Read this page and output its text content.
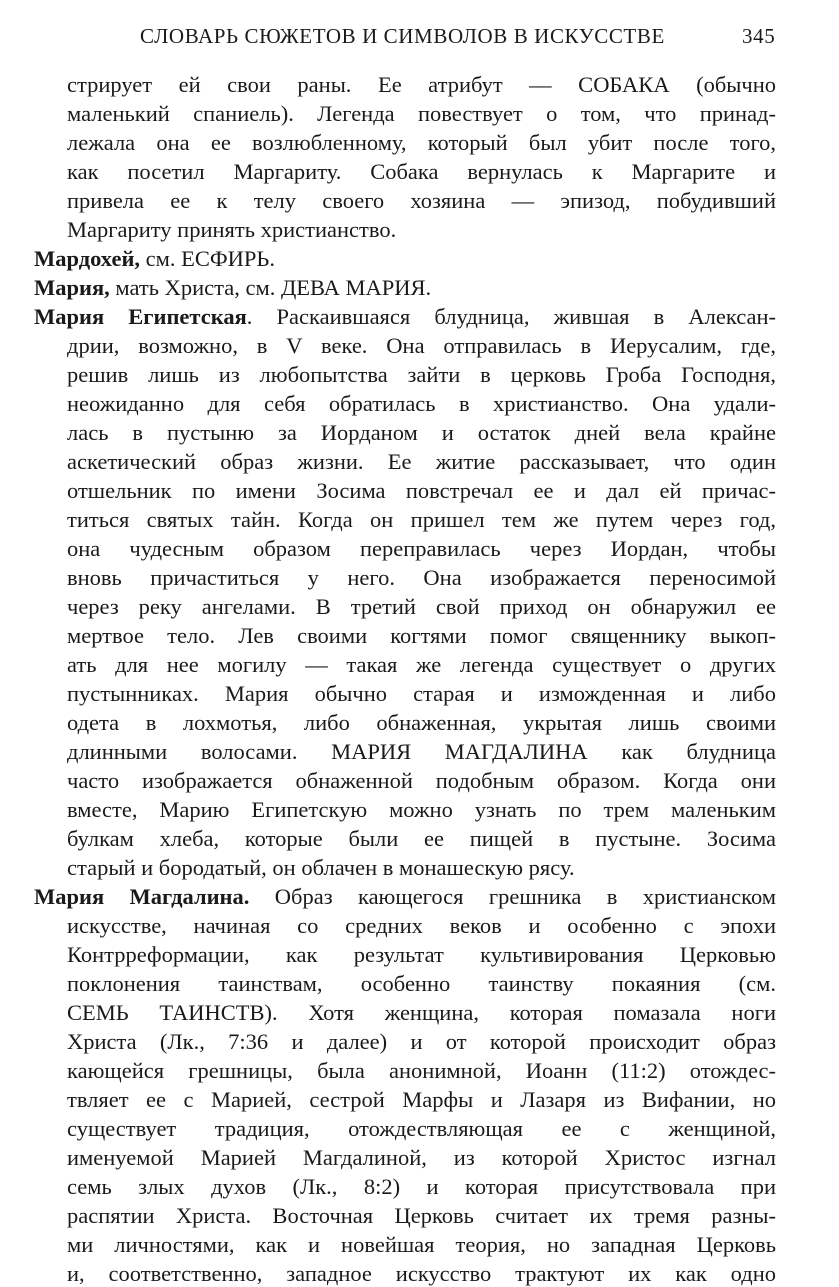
СЛОВАРЬ СЮЖЕТОВ И СИМВОЛОВ В ИСКУССТВЕ	345
стрирует ей свои раны. Ее атрибут — СОБАКА (обычно
маленький спаниель). Легенда повествует о том, что принад-
лежала она ее возлюбленному, который был убит после того,
как посетил Маргариту. Собака вернулась к Маргарите и
привела ее к телу своего хозяина — эпизод, побудивший
Маргариту принять христианство.
Мардохей, см. ЕСФИРЬ.
Мария, мать Христа, см. ДЕВА МАРИЯ.
Мария Египетская. Раскаившаяся блудница, жившая в Алексан-
дрии, возможно, в V веке. Она отправилась в Иерусалим, где,
решив лишь из любопытства зайти в церковь Гроба Господня,
неожиданно для себя обратилась в христианство. Она удали-
лась в пустыню за Иорданом и остаток дней вела крайне
аскетический образ жизни. Ее житие рассказывает, что один
отшельник по имени Зосима повстречал ее и дал ей причас-
титься святых тайн. Когда он пришел тем же путем через год,
она чудесным образом переправилась через Иордан, чтобы
вновь причаститься у него. Она изображается переносимой
через реку ангелами. В третий свой приход он обнаружил ее
мертвое тело. Лев своими когтями помог священнику выкоп-
ать для нее могилу — такая же легенда существует о других
пустынниках. Мария обычно старая и изможденная и либо
одета в лохмотья, либо обнаженная, укрытая лишь своими
длинными волосами. МАРИЯ МАГДАЛИНА как блудница
часто изображается обнаженной подобным образом. Когда они
вместе, Марию Египетскую можно узнать по трем маленьким
булкам хлеба, которые были ее пищей в пустыне. Зосима
старый и бородатый, он облачен в монашескую рясу.
Мария Магдалина. Образ кающегося грешника в христианском
искусстве, начиная со средних веков и особенно с эпохи
Контрреформации, как результат культивирования Церковью
поклонения таинствам, особенно таинству покаяния (см.
СЕМЬ ТАИНСТВ). Хотя женщина, которая помазала ноги
Христа (Лк., 7:36 и далее) и от которой происходит образ
кающейся грешницы, была анонимной, Иоанн (11:2) отождес-
твляет ее с Марией, сестрой Марфы и Лазаря из Вифании, но
существует традиция, отождествляющая ее с женщиной,
именуемой Марией Магдалиной, из которой Христос изгнал
семь злых духов (Лк., 8:2) и которая присутствовала при
распятии Христа. Восточная Церковь считает их тремя разны-
ми личностями, как и новейшая теория, но западная Церковь
и, соответственно, западное искусство трактуют их как одно
